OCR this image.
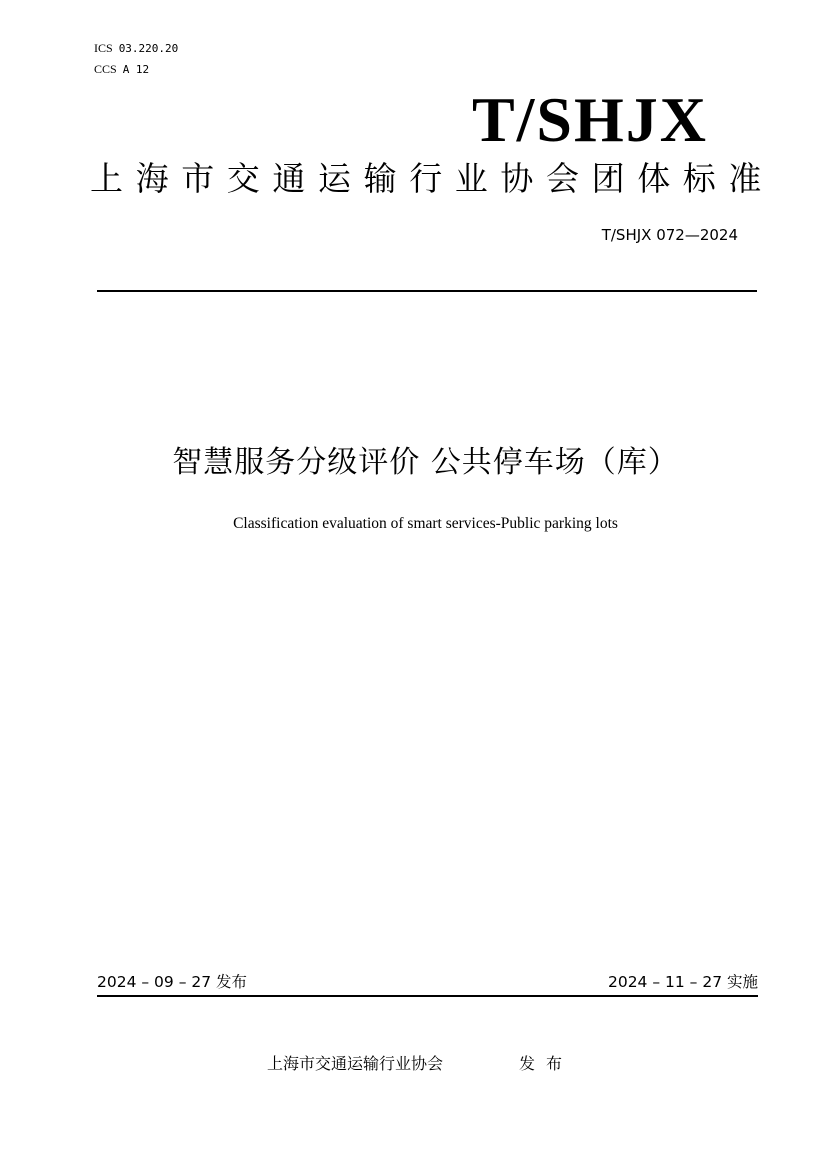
ICS 03.220.20
CCS A 12
T/SHJX
上海市交通运输行业协会团体标准
T/SHJX 072—2024
智慧服务分级评价 公共停车场（库）
Classification evaluation of smart services-Public parking lots
2024 – 09 – 27 发布	2024 – 11 – 27 实施
上海市交通运输行业协会	发布
